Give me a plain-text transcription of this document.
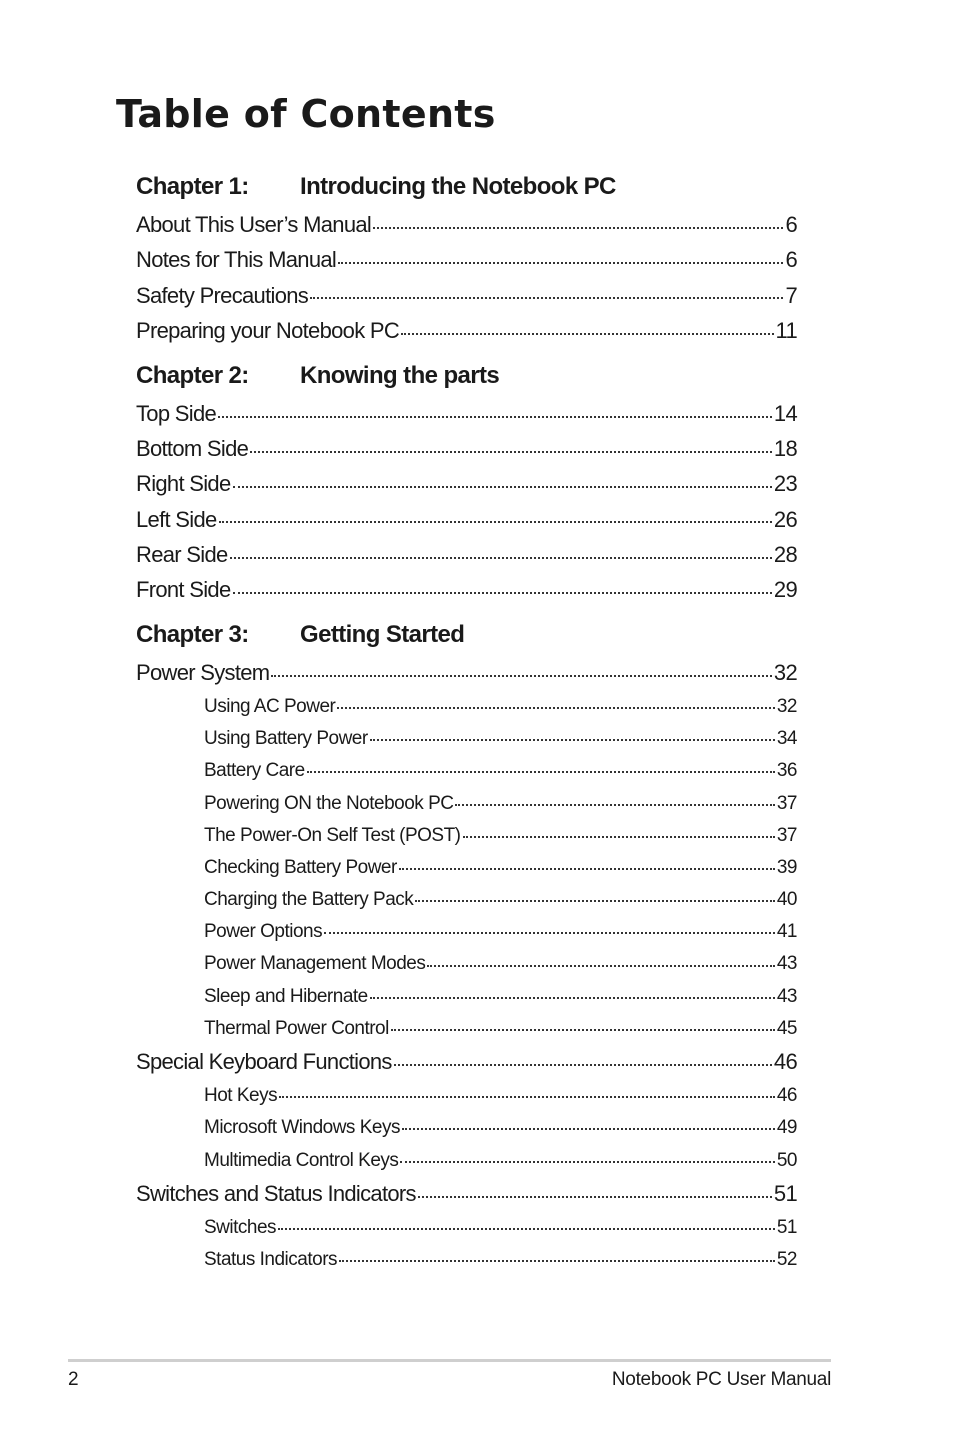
Table of Contents
Chapter 1:	Introducing the Notebook PC
About This User’s Manual	6
Notes for This Manual	6
Safety Precautions	7
Preparing your Notebook PC	11
Chapter 2:	Knowing the parts
Top Side	14
Bottom Side	18
Right Side	23
Left Side	26
Rear Side	28
Front Side	29
Chapter 3:	Getting Started
Power System	32
Using AC Power	32
Using Battery Power	34
Battery Care	36
Powering ON the Notebook PC	37
The Power-On Self Test (POST)	37
Checking Battery Power	39
Charging the Battery Pack	40
Power Options	41
Power Management Modes	43
Sleep and Hibernate	43
Thermal Power Control	45
Special Keyboard Functions	46
Hot Keys	46
Microsoft Windows Keys	49
Multimedia Control Keys	50
Switches and Status Indicators	51
Switches	51
Status Indicators	52
2	Notebook PC User Manual
